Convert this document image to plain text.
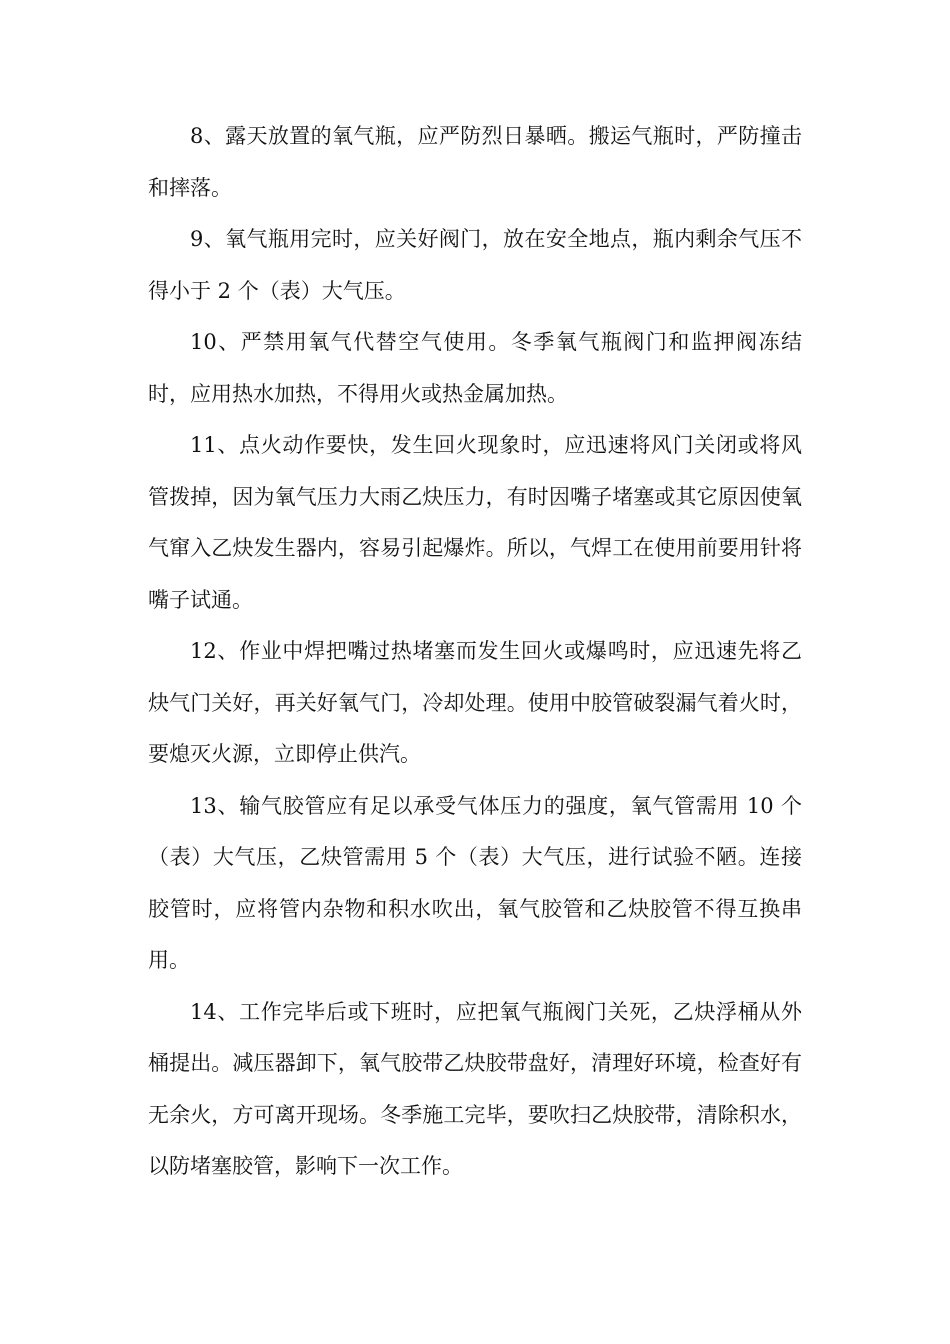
8、露天放置的氧气瓶，应严防烈日暴晒。搬运气瓶时，严防撞击和摔落。

9、氧气瓶用完时，应关好阀门，放在安全地点，瓶内剩余气压不得小于 2 个（表）大气压。

10、严禁用氧气代替空气使用。冬季氧气瓶阀门和监押阀冻结时，应用热水加热，不得用火或热金属加热。

11、点火动作要快，发生回火现象时，应迅速将风门关闭或将风管拨掉，因为氧气压力大雨乙炔压力，有时因嘴子堵塞或其它原因使氧气窜入乙炔发生器内，容易引起爆炸。所以，气焊工在使用前要用针将嘴子试通。

12、作业中焊把嘴过热堵塞而发生回火或爆鸣时，应迅速先将乙炔气门关好，再关好氧气门，冷却处理。使用中胶管破裂漏气着火时，要熄灭火源，立即停止供汽。

13、输气胶管应有足以承受气体压力的强度，氧气管需用 10 个（表）大气压，乙炔管需用 5 个（表）大气压，进行试验不陋。连接胶管时，应将管内杂物和积水吹出，氧气胶管和乙炔胶管不得互换串用。

14、工作完毕后或下班时，应把氧气瓶阀门关死，乙炔浮桶从外桶提出。减压器卸下，氧气胶带乙炔胶带盘好，清理好环境，检查好有无余火，方可离开现场。冬季施工完毕，要吹扫乙炔胶带，清除积水，以防堵塞胶管，影响下一次工作。
